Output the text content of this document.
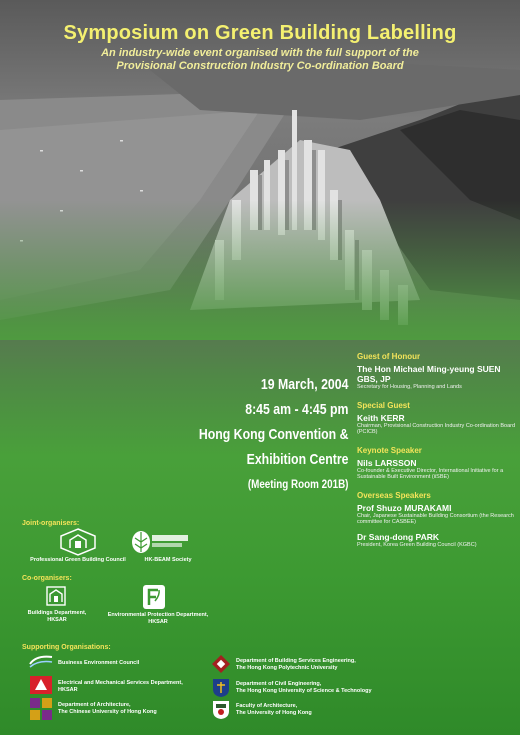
Symposium on Green Building Labelling
An industry-wide event organised with the full support of the
Provisional Construction Industry Co-ordination Board
19 March, 2004
8:45 am - 4:45 pm
Hong Kong Convention &
Exhibition Centre
(Meeting Room 201B)
Guest of Honour
The Hon Michael Ming-yeung SUEN GBS, JP
Secretary for Housing, Planning and Lands
Special Guest
Keith KERR
Chairman, Provisional Construction Industry Co-ordination Board (PCICB)
Keynote Speaker
Nils LARSSON
Co-founder & Executive Director, International Initiative for a Sustainable Built Environment (iiSBE)
Overseas Speakers
Prof Shuzo MURAKAMI
Chair, Japanese Sustainable Building Consortium (the Research committee for CASBEE)
Dr Sang-dong PARK
President, Korea Green Building Council (KGBC)
Joint-organisers:
Professional Green Building Council	HK-BEAM Society
Co-organisers:
Buildings Department,
HKSAR
Environmental Protection Department,
HKSAR
Supporting Organisations:
Business Environment Council
Electrical and Mechanical Services Department,
HKSAR
Department of Architecture,
The Chinese University of Hong Kong
Department of Building Services Engineering,
The Hong Kong Polytechnic University
Department of Civil Engineering,
The Hong Kong University of Science & Technology
Faculty of Architecture,
The University of Hong Kong
